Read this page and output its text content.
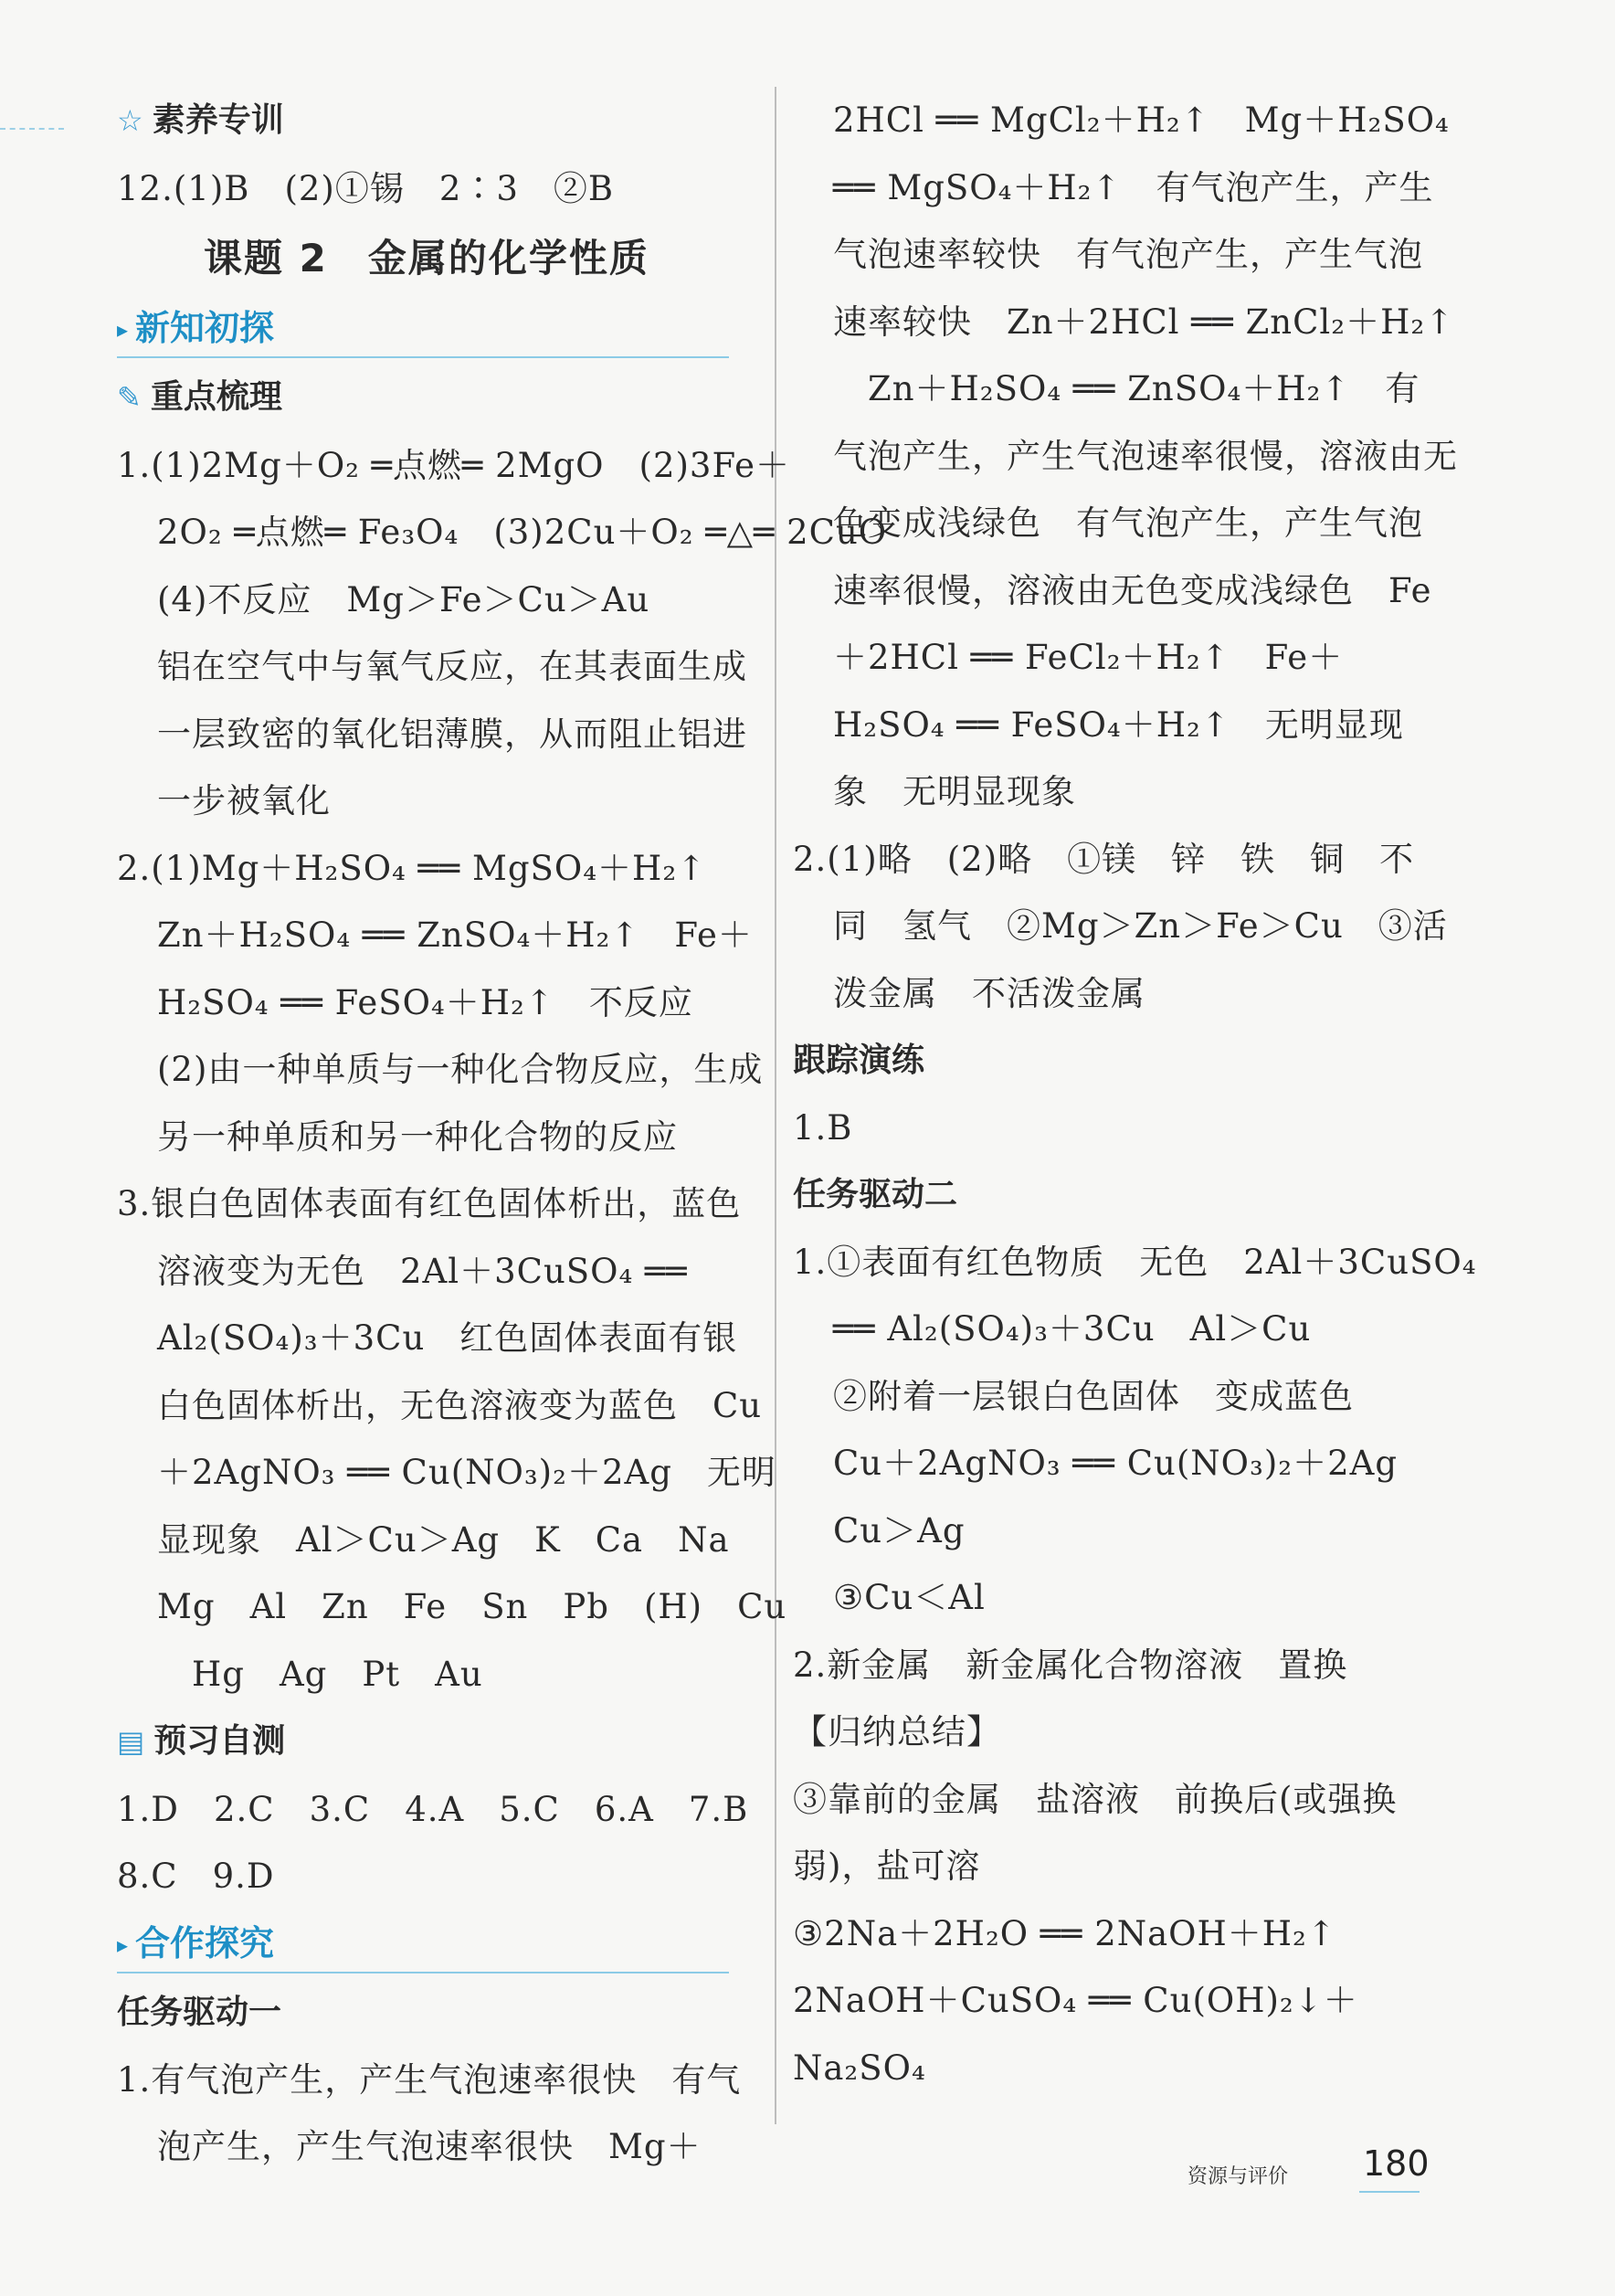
☆ 素养专训
12.(1)B　(2)①锡　2∶3　②B
课题 2　金属的化学性质
▸ 新知初探
✎ 重点梳理
1.(1)2Mg＋O₂ ═点燃═ 2MgO　(2)3Fe＋
2O₂ ═点燃═ Fe₃O₄　(3)2Cu＋O₂ ═△═ 2CuO
(4)不反应　Mg＞Fe＞Cu＞Au
铝在空气中与氧气反应，在其表面生成
一层致密的氧化铝薄膜，从而阻止铝进
一步被氧化
2.(1)Mg＋H₂SO₄ ══ MgSO₄＋H₂↑
Zn＋H₂SO₄ ══ ZnSO₄＋H₂↑　Fe＋
H₂SO₄ ══ FeSO₄＋H₂↑　不反应
(2)由一种单质与一种化合物反应，生成
另一种单质和另一种化合物的反应
3.银白色固体表面有红色固体析出，蓝色
溶液变为无色　2Al＋3CuSO₄ ══
Al₂(SO₄)₃＋3Cu　红色固体表面有银
白色固体析出，无色溶液变为蓝色　Cu
＋2AgNO₃ ══ Cu(NO₃)₂＋2Ag　无明
显现象　Al＞Cu＞Ag　K　Ca　Na
Mg　Al　Zn　Fe　Sn　Pb　(H)　Cu
Hg　Ag　Pt　Au
▤ 预习自测
1.D　2.C　3.C　4.A　5.C　6.A　7.B
8.C　9.D
▸ 合作探究
任务驱动一
1.有气泡产生，产生气泡速率很快　有气
泡产生，产生气泡速率很快　Mg＋
2HCl ══ MgCl₂＋H₂↑　Mg＋H₂SO₄
══ MgSO₄＋H₂↑　有气泡产生，产生
气泡速率较快　有气泡产生，产生气泡
速率较快　Zn＋2HCl ══ ZnCl₂＋H₂↑
Zn＋H₂SO₄ ══ ZnSO₄＋H₂↑　有
气泡产生，产生气泡速率很慢，溶液由无
色变成浅绿色　有气泡产生，产生气泡
速率很慢，溶液由无色变成浅绿色　Fe
＋2HCl ══ FeCl₂＋H₂↑　Fe＋
H₂SO₄ ══ FeSO₄＋H₂↑　无明显现
象　无明显现象
2.(1)略　(2)略　①镁　锌　铁　铜　不
同　氢气　②Mg＞Zn＞Fe＞Cu　③活
泼金属　不活泼金属
跟踪演练
1.B
任务驱动二
1.①表面有红色物质　无色　2Al＋3CuSO₄
══ Al₂(SO₄)₃＋3Cu　Al＞Cu
②附着一层银白色固体　变成蓝色
Cu＋2AgNO₃ ══ Cu(NO₃)₂＋2Ag
Cu＞Ag
③Cu＜Al
2.新金属　新金属化合物溶液　置换
【归纳总结】
③靠前的金属　盐溶液　前换后(或强换
弱)，盐可溶
③2Na＋2H₂O ══ 2NaOH＋H₂↑
2NaOH＋CuSO₄ ══ Cu(OH)₂↓＋
Na₂SO₄
资源与评价 180
